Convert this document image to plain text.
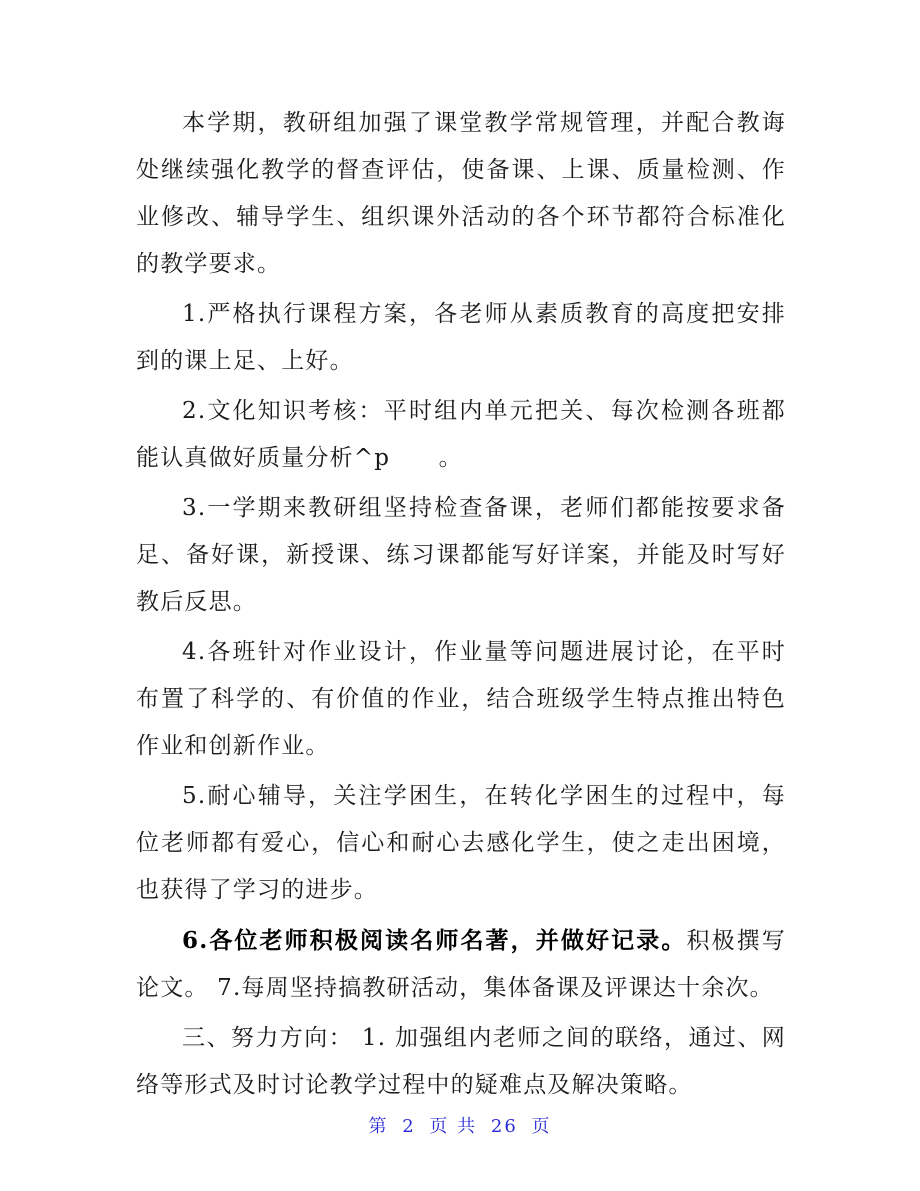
本学期，教研组加强了课堂教学常规管理，并配合教诲处继续强化教学的督查评估，使备课、上课、质量检测、作业修改、辅导学生、组织课外活动的各个环节都符合标准化的教学要求。

1.严格执行课程方案，各老师从素质教育的高度把安排到的课上足、上好。

2.文化知识考核：平时组内单元把关、每次检测各班都能认真做好质量分析^p　　。

3.一学期来教研组坚持检查备课，老师们都能按要求备足、备好课，新授课、练习课都能写好详案，并能及时写好教后反思。

4.各班针对作业设计，作业量等问题进展讨论，在平时布置了科学的、有价值的作业，结合班级学生特点推出特色作业和创新作业。

5.耐心辅导，关注学困生，在转化学困生的过程中，每位老师都有爱心，信心和耐心去感化学生，使之走出困境，也获得了学习的进步。

6.各位老师积极阅读名师名著，并做好记录。积极撰写论文。 7.每周坚持搞教研活动，集体备课及评课达十余次。

三、努力方向： 1. 加强组内老师之间的联络，通过、网络等形式及时讨论教学过程中的疑难点及解决策略。

第 2 页 共 26 页
